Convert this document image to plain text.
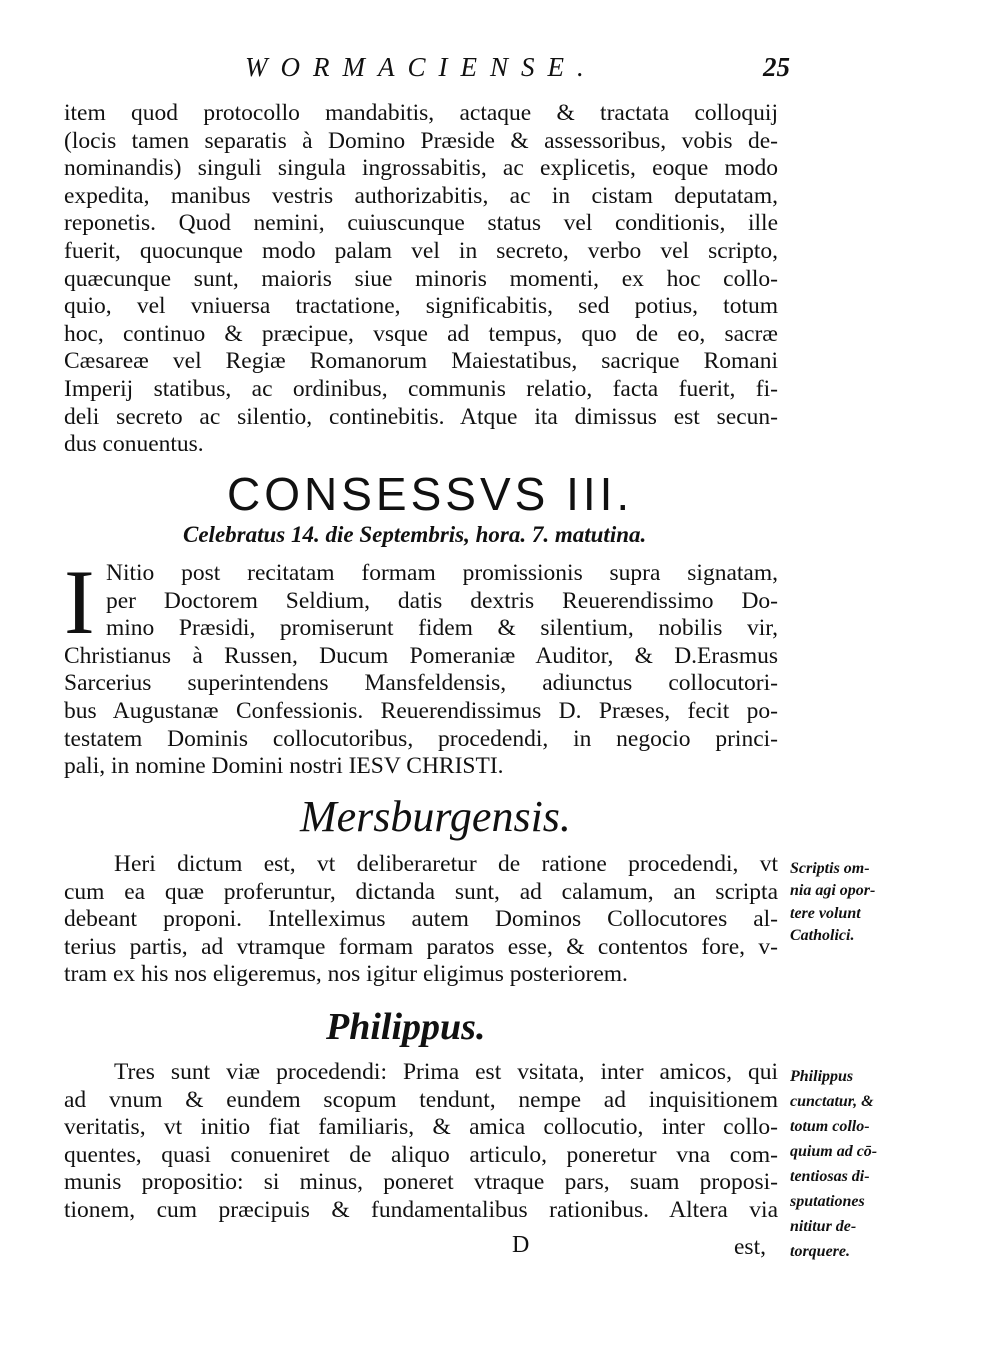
WORMACIENSE.	25
item quod protocollo mandabitis, actaque & tractata colloquij
(locis tamen separatis à Domino Præside & assessoribus, vobis de-
nominandis) singuli singula ingrossabitis, ac explicetis, eoque modo
expedita, manibus vestris authorizabitis, ac in cistam deputatam,
reponetis. Quod nemini, cuiuscunque status vel conditionis, ille
fuerit, quocunque modo palam vel in secreto, verbo vel scripto,
quæcunque sunt, maioris siue minoris momenti, ex hoc collo-
quio, vel vniuersa tractatione, significabitis, sed potius, totum
hoc, continuo & præcipue, vsque ad tempus, quo de eo, sacræ
Cæsareæ vel Regiæ Romanorum Maiestatibus, sacrique Romani
Imperij statibus, ac ordinibus, communis relatio, facta fuerit, fi-
deli secreto ac silentio, continebitis. Atque ita dimissus est secun-
dus conuentus.
CONSESSVS III.
Celebratus 14. die Septembris, hora. 7. matutina.
I Nitio post recitatam formam promissionis supra signatam,
per Doctorem Seldium, datis dextris Reuerendissimo Do-
mino Præsidi, promiserunt fidem & silentium, nobilis vir,
Christianus à Russen, Ducum Pomeraniæ Auditor, & D.Erasmus
Sarcerius superintendens Mansfeldensis, adiunctus collocutori-
bus Augustanæ Confessionis. Reuerendissimus D. Præses, fecit po-
testatem Dominis collocutoribus, procedendi, in negocio princi-
pali, in nomine Domini nostri IESV CHRISTI.
Mersburgensis.
Heri dictum est, vt deliberaretur de ratione procedendi, vt
cum ea quæ proferuntur, dictanda sunt, ad calamum, an scripta
debeant proponi. Intelleximus autem Dominos Collocutores al-
terius partis, ad vtramque formam paratos esse, & contentos fore, v-
tram ex his nos eligeremus, nos igitur eligimus posteriorem.
Scriptis om-
nia agi opor-
tere volunt
Catholici.
Philippus.
Tres sunt viæ procedendi: Prima est vsitata, inter amicos, qui
ad vnum & eundem scopum tendunt, nempe ad inquisitionem
veritatis, vt initio fiat familiaris, & amica collocutio, inter collo-
quentes, quasi conueniret de aliquo articulo, poneretur vna com-
munis propositio: si minus, poneret vtraque pars, suam proposi-
tionem, cum præcipuis & fundamentalibus rationibus. Altera via
Philippus
cunctatur, &
totum collo-
quium ad cō-
tentiosas di-
sputationes
nititur de-
torquere.
D	est,
